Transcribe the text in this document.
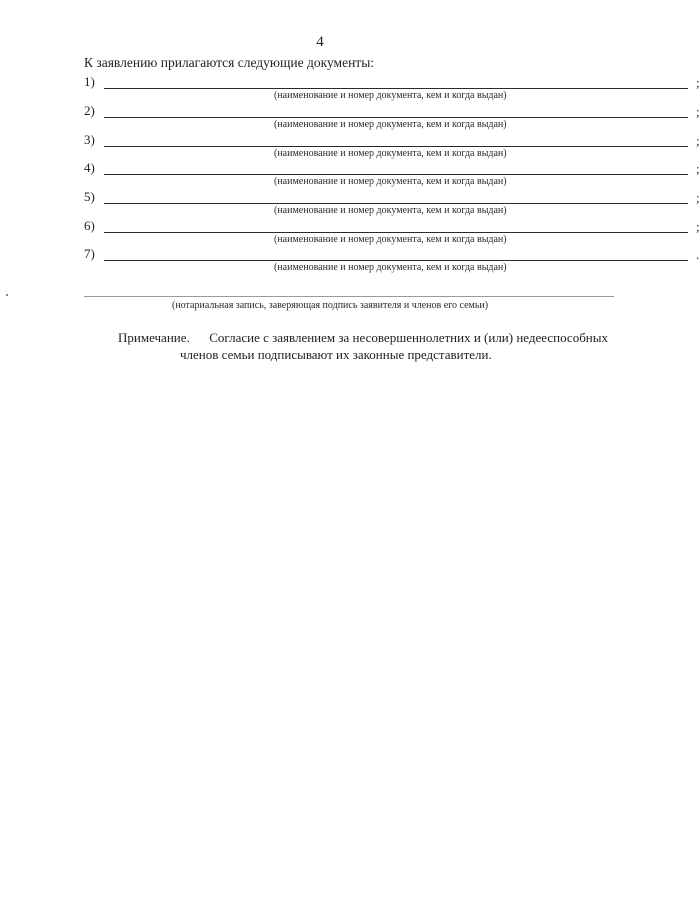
4
К заявлению прилагаются следующие документы:
1)	;
(наименование и номер документа, кем и когда выдан)
2)	;
(наименование и номер документа, кем и когда выдан)
3)	;
(наименование и номер документа, кем и когда выдан)
4)	;
(наименование и номер документа, кем и когда выдан)
5)	;
(наименование и номер документа, кем и когда выдан)
6)	;
(наименование и номер документа, кем и когда выдан)
7)	.
(наименование и номер документа, кем и когда выдан)
(нотариальная запись, заверяющая подпись заявителя и членов его семьи)
Примечание. Согласие с заявлением за несовершеннолетних и (или) недееспособных
членов семьи подписывают их законные представители.
